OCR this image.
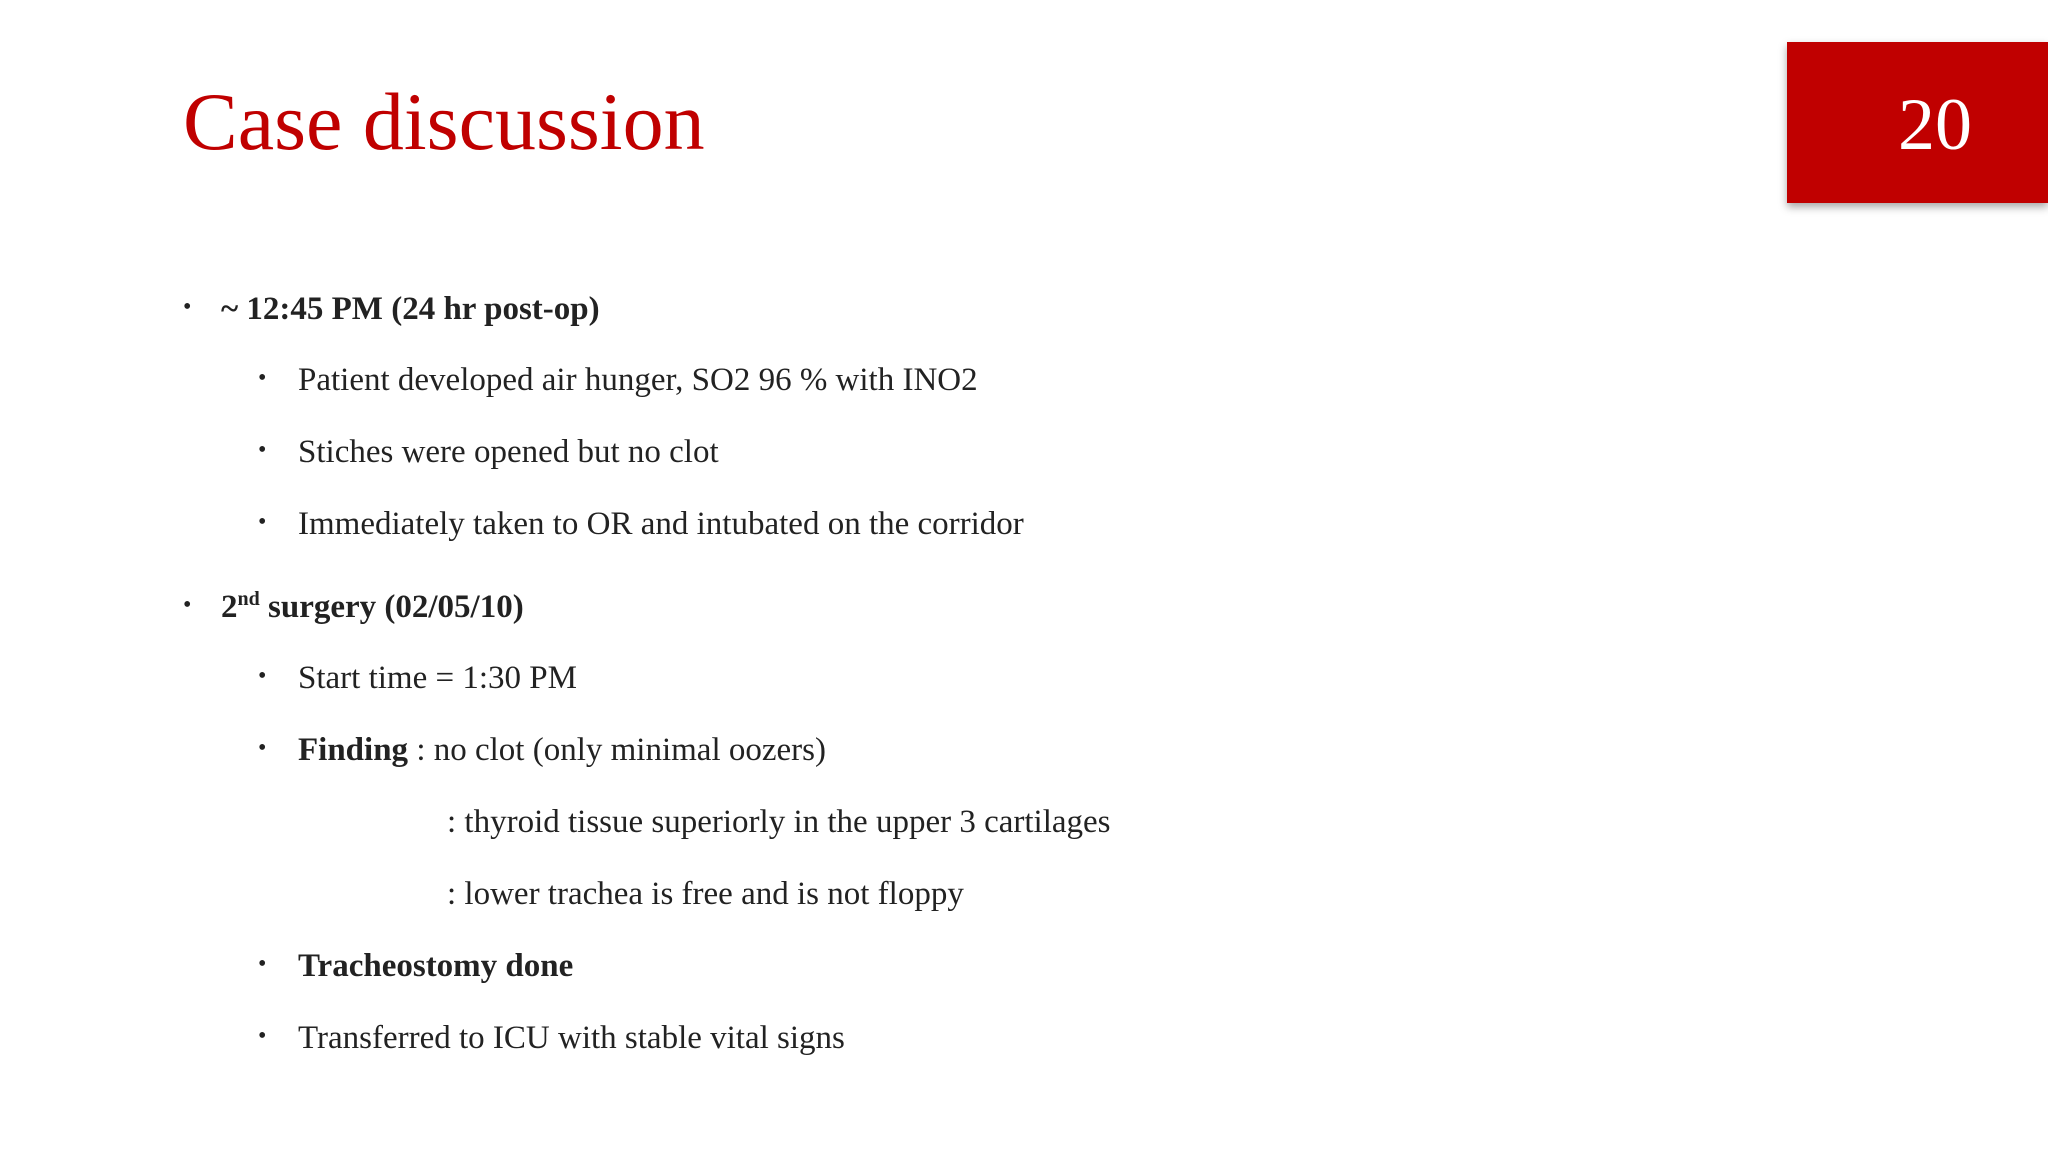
Case discussion	20
• ~ 12:45 PM (24 hr post-op)
• Patient developed air hunger, SO2 96 % with INO2
• Stiches were opened but no clot
• Immediately taken to OR and intubated on the corridor
• 2nd surgery (02/05/10)
• Start time = 1:30 PM
• Finding : no clot (only minimal oozers)
: thyroid tissue superiorly in the upper 3 cartilages
: lower trachea is free and is not floppy
• Tracheostomy done
• Transferred to ICU with stable vital signs
